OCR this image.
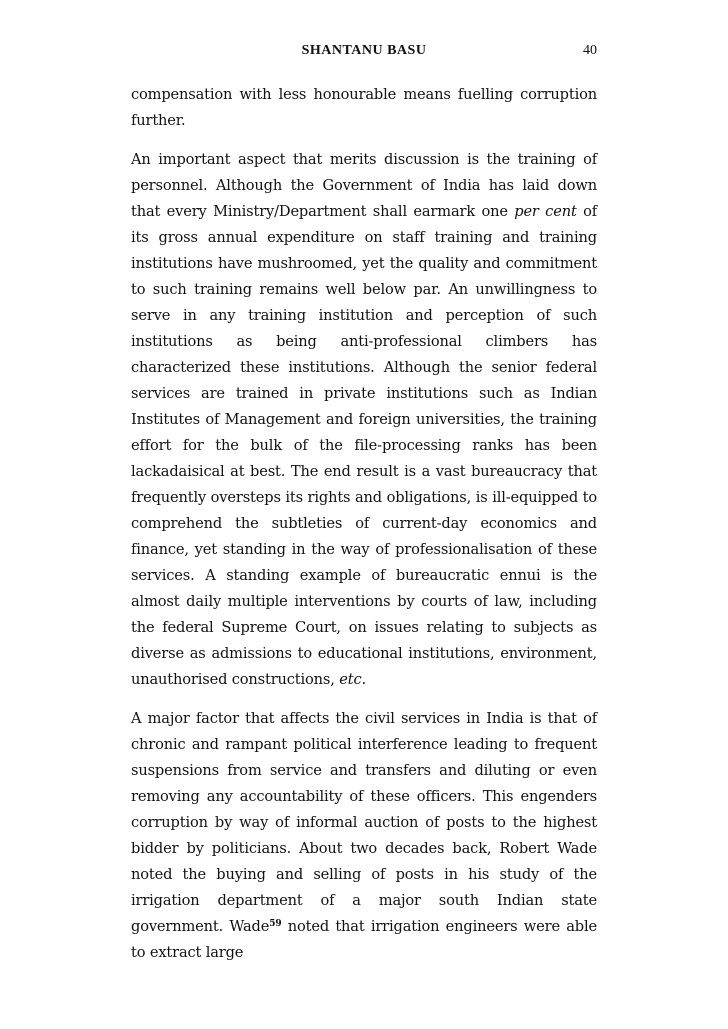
SHANTANU BASU	40

compensation with less honourable means fuelling corruption further.

An important aspect that merits discussion is the training of personnel. Although the Government of India has laid down that every Ministry/Department shall earmark one per cent of its gross annual expenditure on staff training and training institutions have mushroomed, yet the quality and commitment to such training remains well below par. An unwillingness to serve in any training institution and perception of such institutions as being anti-professional climbers has characterized these institutions. Although the senior federal services are trained in private institutions such as Indian Institutes of Management and foreign universities, the training effort for the bulk of the file-processing ranks has been lackadaisical at best. The end result is a vast bureaucracy that frequently oversteps its rights and obligations, is ill-equipped to comprehend the subtleties of current-day economics and finance, yet standing in the way of professionalisation of these services. A standing example of bureaucratic ennui is the almost daily multiple interventions by courts of law, including the federal Supreme Court, on issues relating to subjects as diverse as admissions to educational institutions, environment, unauthorised constructions, etc.

A major factor that affects the civil services in India is that of chronic and rampant political interference leading to frequent suspensions from service and transfers and diluting or even removing any accountability of these officers. This engenders corruption by way of informal auction of posts to the highest bidder by politicians. About two decades back, Robert Wade noted the buying and selling of posts in his study of the irrigation department of a major south Indian state government. Wade$^{59}$ noted that irrigation engineers were able to extract large
